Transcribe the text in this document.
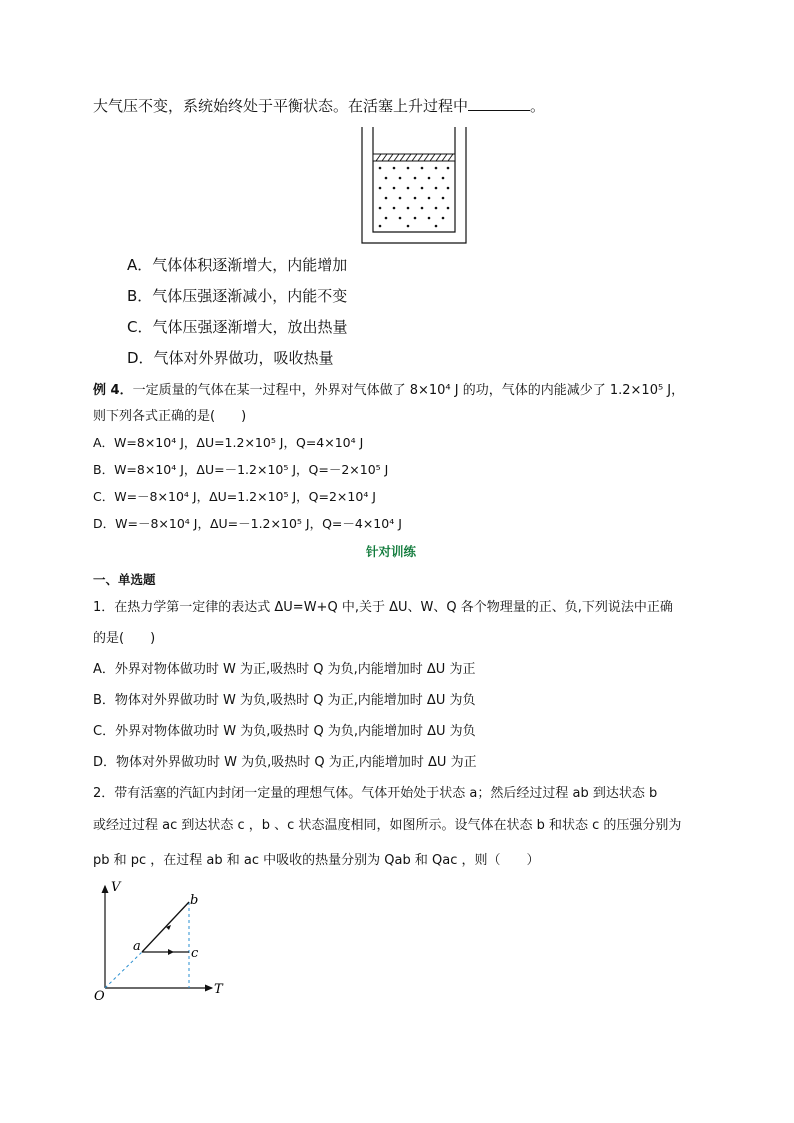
大气压不变，系统始终处于平衡状态。在活塞上升过程中	。
A．气体体积逐渐增大，内能增加
B．气体压强逐渐减小，内能不变
C．气体压强逐渐增大，放出热量
D．气体对外界做功，吸收热量
例 4．一定质量的气体在某一过程中，外界对气体做了 8×10⁴ J 的功，气体的内能减少了 1.2×10⁵ J，
则下列各式正确的是(　　)
A．W=8×10⁴ J，ΔU=1.2×10⁵ J，Q=4×10⁴ J
B．W=8×10⁴ J，ΔU=－1.2×10⁵ J，Q=－2×10⁵ J
C．W=－8×10⁴ J，ΔU=1.2×10⁵ J，Q=2×10⁴ J
D．W=－8×10⁴ J，ΔU=－1.2×10⁵ J，Q=－4×10⁴ J
针对训练
一、单选题
1．在热力学第一定律的表达式 ΔU=W+Q 中,关于 ΔU、W、Q 各个物理量的正、负,下列说法中正确
的是(　　)
A．外界对物体做功时 W 为正,吸热时 Q 为负,内能增加时 ΔU 为正
B．物体对外界做功时 W 为负,吸热时 Q 为正,内能增加时 ΔU 为负
C．外界对物体做功时 W 为负,吸热时 Q 为负,内能增加时 ΔU 为负
D．物体对外界做功时 W 为负,吸热时 Q 为正,内能增加时 ΔU 为正
2．带有活塞的汽缸内封闭一定量的理想气体。气体开始处于状态 a；然后经过过程 ab 到达状态 b
或经过过程 ac 到达状态 c ，b 、c 状态温度相同，如图所示。设气体在状态 b 和状态 c 的压强分别为
pb 和 pc ，在过程 ab 和 ac 中吸收的热量分别为 Qab 和 Qac ，则（　　）
V
T
O
a
b
c
